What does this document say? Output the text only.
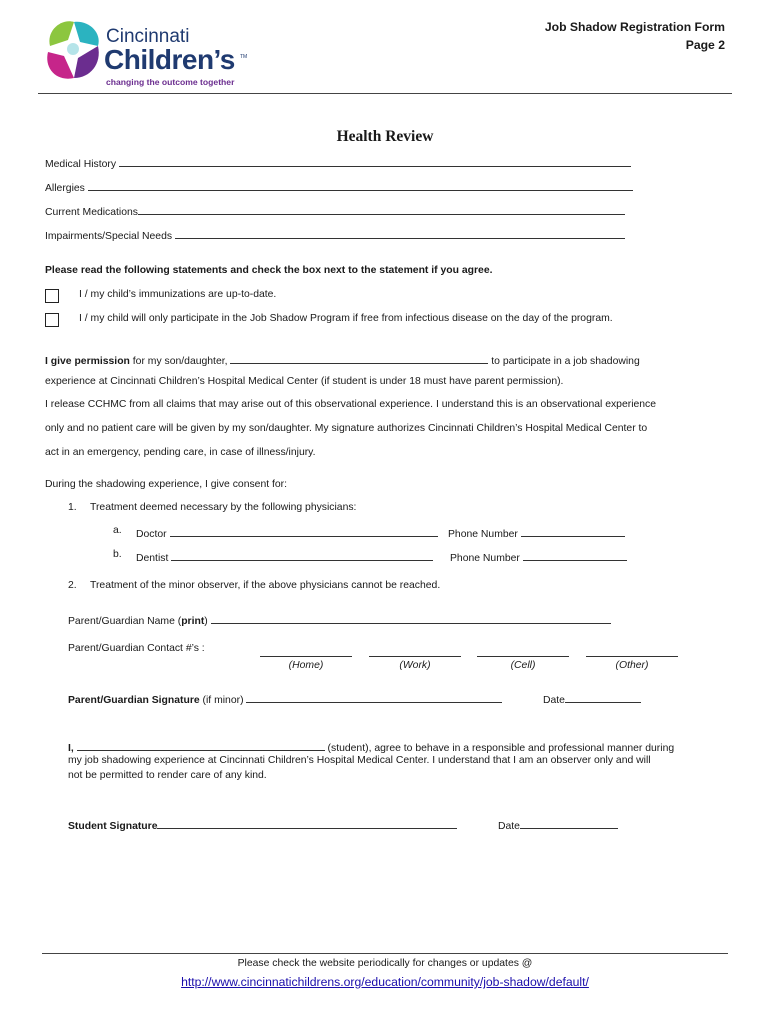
Cincinnati
Children’s TM
changing the outcome together
Job Shadow Registration Form
Page 2
Health Review
Medical History
Allergies
Current Medications
Impairments/Special Needs
Please read the following statements and check the box next to the statement if you agree.
I / my child’s immunizations are up-to-date.
I / my child will only participate in the Job Shadow Program if free from infectious disease on the day of the program.
I give permission for my son/daughter,	to participate in a job shadowing
experience at Cincinnati Children’s Hospital Medical Center (if student is under 18 must have parent permission).
I release CCHMC from all claims that may arise out of this observational experience. I understand this is an observational experience
only and no patient care will be given by my son/daughter. My signature authorizes Cincinnati Children’s Hospital Medical Center to
act in an emergency, pending care, in case of illness/injury.
During the shadowing experience, I give consent for:
1. Treatment deemed necessary by the following physicians:
a. Doctor	Phone Number
b. Dentist	Phone Number
2. Treatment of the minor observer, if the above physicians cannot be reached.
Parent/Guardian Name (print)
Parent/Guardian Contact #’s :
(Home)	(Work)	(Cell)	(Other)
Parent/Guardian Signature (if minor)	Date
I,	(student), agree to behave in a responsible and professional manner during
my job shadowing experience at Cincinnati Children’s Hospital Medical Center. I understand that I am an observer only and will
not be permitted to render care of any kind.
Student Signature	Date
Please check the website periodically for changes or updates @
http://www.cincinnatichildrens.org/education/community/job-shadow/default/
